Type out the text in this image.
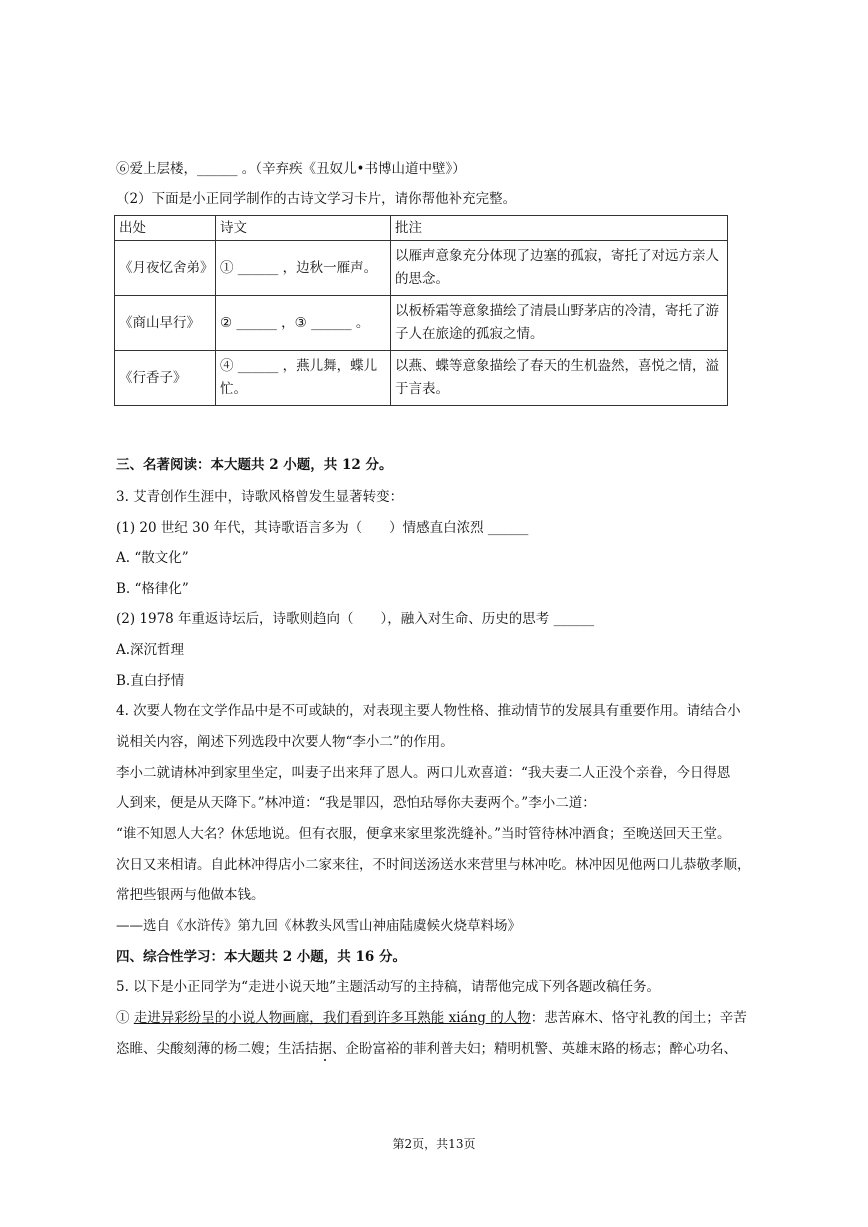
⑥爱上层楼，______ 。（辛弃疾《丑奴儿•书博山道中壁》）
（2）下面是小正同学制作的古诗文学习卡片，请你帮他补充完整。
出处	诗文	批注
《月夜忆舍弟》	① ______ ，边秋一雁声。	以雁声意象充分体现了边塞的孤寂，寄托了对远方亲人的思念。
《商山早行》	② ______ ，③ ______ 。	以板桥霜等意象描绘了清晨山野茅店的冷清，寄托了游子人在旅途的孤寂之情。
《行香子》	④ ______ ，燕儿舞，蝶儿忙。	以燕、蝶等意象描绘了春天的生机盎然，喜悦之情，溢于言表。
三、名著阅读：本大题共 2 小题，共 12 分。
3. 艾青创作生涯中，诗歌风格曾发生显著转变：
(1) 20 世纪 30 年代，其诗歌语言多为（　　）情感直白浓烈 ______
A. “散文化”
B. “格律化”
(2) 1978 年重返诗坛后，诗歌则趋向（　　），融入对生命、历史的思考 ______
A.深沉哲理
B.直白抒情
4. 次要人物在文学作品中是不可或缺的，对表现主要人物性格、推动情节的发展具有重要作用。请结合小
说相关内容，阐述下列选段中次要人物“李小二”的作用。
李小二就请林冲到家里坐定，叫妻子出来拜了恩人。两口儿欢喜道：“我夫妻二人正没个亲眷，今日得恩
人到来，便是从天降下。”林冲道：“我是罪囚，恐怕玷辱你夫妻两个。”李小二道：
“谁不知恩人大名？休恁地说。但有衣服，便拿来家里浆洗缝补。”当时管待林冲酒食；至晚送回天王堂。
次日又来相请。自此林冲得店小二家来往，不时间送汤送水来营里与林冲吃。林冲因见他两口儿恭敬孝顺，
常把些银两与他做本钱。
——选自《水浒传》第九回《林教头风雪山神庙陆虞候火烧草料场》
四、综合性学习：本大题共 2 小题，共 16 分。
5. 以下是小正同学为“走进小说天地”主题活动写的主持稿，请帮他完成下列各题改稿任务。
① 走进异彩纷呈的小说人物画廊，我们看到许多耳熟能 xiáng 的人物：悲苦麻木、恪守礼教的闰土；辛苦
恣睢、尖酸刻薄的杨二嫂；生活拮据、企盼富裕的菲利普夫妇；精明机警、英雄末路的杨志；醉心功名、
第2页，共13页
